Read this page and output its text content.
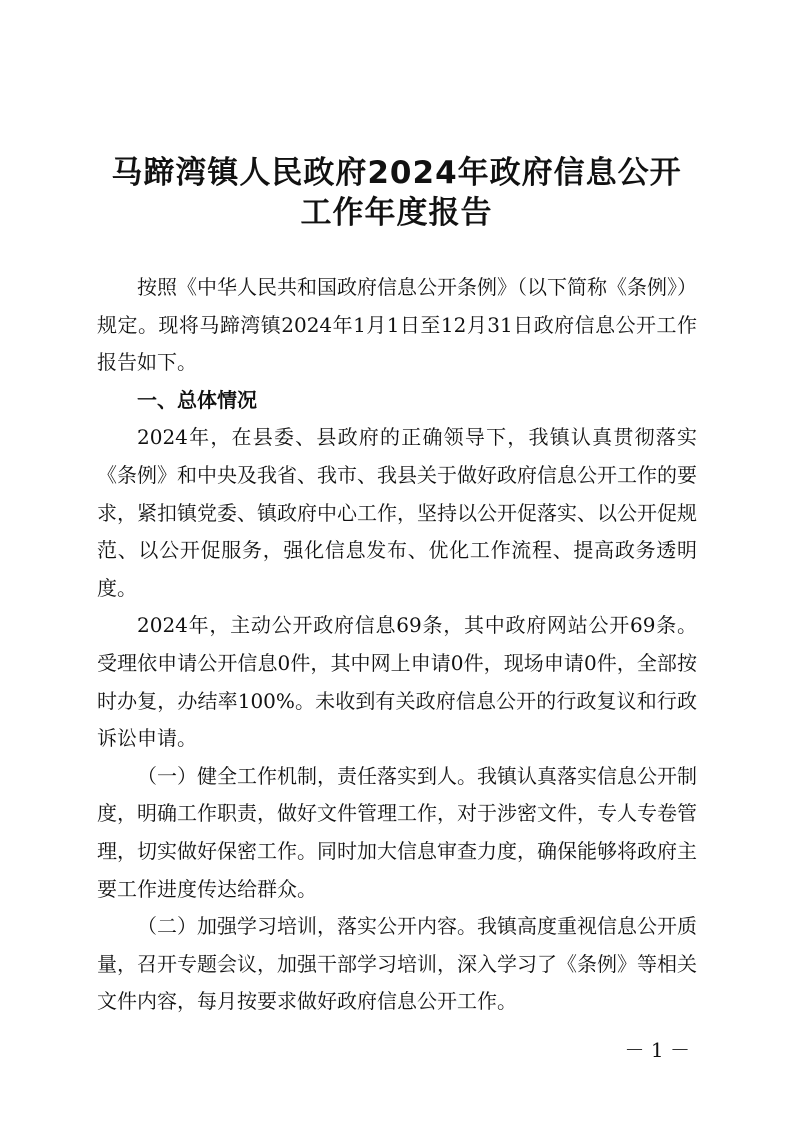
马蹄湾镇人民政府2024年政府信息公开
工作年度报告

按照《中华人民共和国政府信息公开条例》（以下简称《条例》）规定。现将马蹄湾镇2024年1月1日至12月31日政府信息公开工作报告如下。

一、总体情况

2024年，在县委、县政府的正确领导下，我镇认真贯彻落实《条例》和中央及我省、我市、我县关于做好政府信息公开工作的要求，紧扣镇党委、镇政府中心工作，坚持以公开促落实、以公开促规范、以公开促服务，强化信息发布、优化工作流程、提高政务透明度。

2024年，主动公开政府信息69条，其中政府网站公开69条。受理依申请公开信息0件，其中网上申请0件，现场申请0件，全部按时办复，办结率100%。未收到有关政府信息公开的行政复议和行政诉讼申请。

（一）健全工作机制，责任落实到人。我镇认真落实信息公开制度，明确工作职责，做好文件管理工作，对于涉密文件，专人专卷管理，切实做好保密工作。同时加大信息审查力度，确保能够将政府主要工作进度传达给群众。

（二）加强学习培训，落实公开内容。我镇高度重视信息公开质量，召开专题会议，加强干部学习培训，深入学习了《条例》等相关文件内容，每月按要求做好政府信息公开工作。

－ 1 －
